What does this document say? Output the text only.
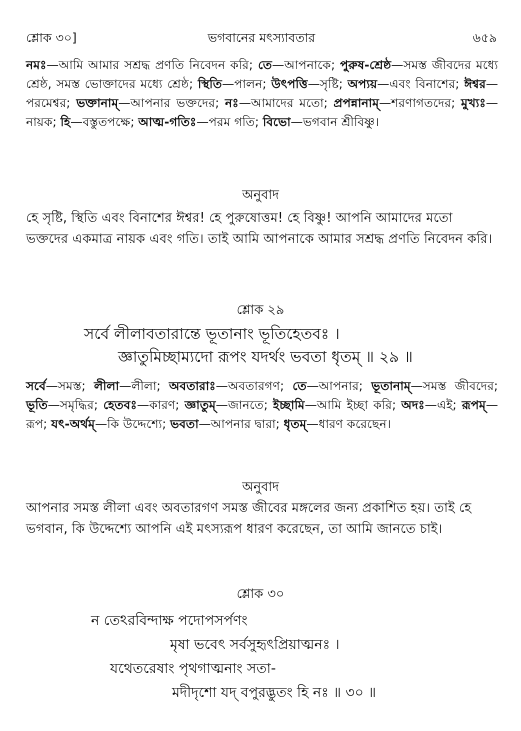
শ্লোক ৩০]	ভগবানের মৎস্যাবতার	৬৫৯
নমঃ—আমি আমার সশ্রদ্ধ প্রণতি নিবেদন করি; তে—আপনাকে; পুরুষ-শ্রেষ্ঠ—সমস্ত জীবদের মধ্যে শ্রেষ্ঠ, সমস্ত ভোক্তাদের মধ্যে শ্রেষ্ঠ; স্থিতি—পালন; উৎপত্তি—সৃষ্টি; অপ্যয়—এবং বিনাশের; ঈশ্বর—পরমেশ্বর; ভক্তানাম্—আপনার ভক্তদের; নঃ—আমাদের মতো; প্রপন্নানাম্—শরণাগতদের; মুখ্যঃ—নায়ক; হি—বস্তুতপক্ষে; আত্ম-গতিঃ—পরম গতি; বিভো—ভগবান শ্রীবিষ্ণু।
অনুবাদ
হে সৃষ্টি, স্থিতি এবং বিনাশের ঈশ্বর! হে পুরুষোত্তম! হে বিষ্ণু! আপনি আমাদের মতো ভক্তদের একমাত্র নায়ক এবং গতি। তাই আমি আপনাকে আমার সশ্রদ্ধ প্রণতি নিবেদন করি।
শ্লোক ২৯
সর্বে লীলাবতারান্তে ভূতানাং ভূতিহেতবঃ ।
জ্ঞাতুমিচ্ছাম্যদো রূপং যদর্থং ভবতা ধৃতম্ ॥ ২৯ ॥
সর্বে—সমস্ত; লীলা—লীলা; অবতারাঃ—অবতারগণ; তে—আপনার; ভূতানাম্—সমস্ত জীবদের; ভূতি—সমৃদ্ধির; হেতবঃ—কারণ; জ্ঞাতুম্—জানতে; ইচ্ছামি—আমি ইচ্ছা করি; অদঃ—এই; রূপম্—রূপ; যৎ-অর্থম্—কি উদ্দেশ্যে; ভবতা—আপনার দ্বারা; ধৃতম্—ধারণ করেছেন।
অনুবাদ
আপনার সমস্ত লীলা এবং অবতারগণ সমস্ত জীবের মঙ্গলের জন্য প্রকাশিত হয়। তাই হে ভগবান, কি উদ্দেশ্যে আপনি এই মৎস্যরূপ ধারণ করেছেন, তা আমি জানতে চাই।
শ্লোক ৩০
ন তেঽরবিন্দাক্ষ পদোপসর্পণং
মৃষা ভবেৎ সর্বসুহৃৎপ্রিয়াত্মনঃ ।
যথেতরেষাং পৃথগাত্মনাং সতা-
মদীদৃশো যদ্ বপুরদ্ভুতং হি নঃ ॥ ৩০ ॥
